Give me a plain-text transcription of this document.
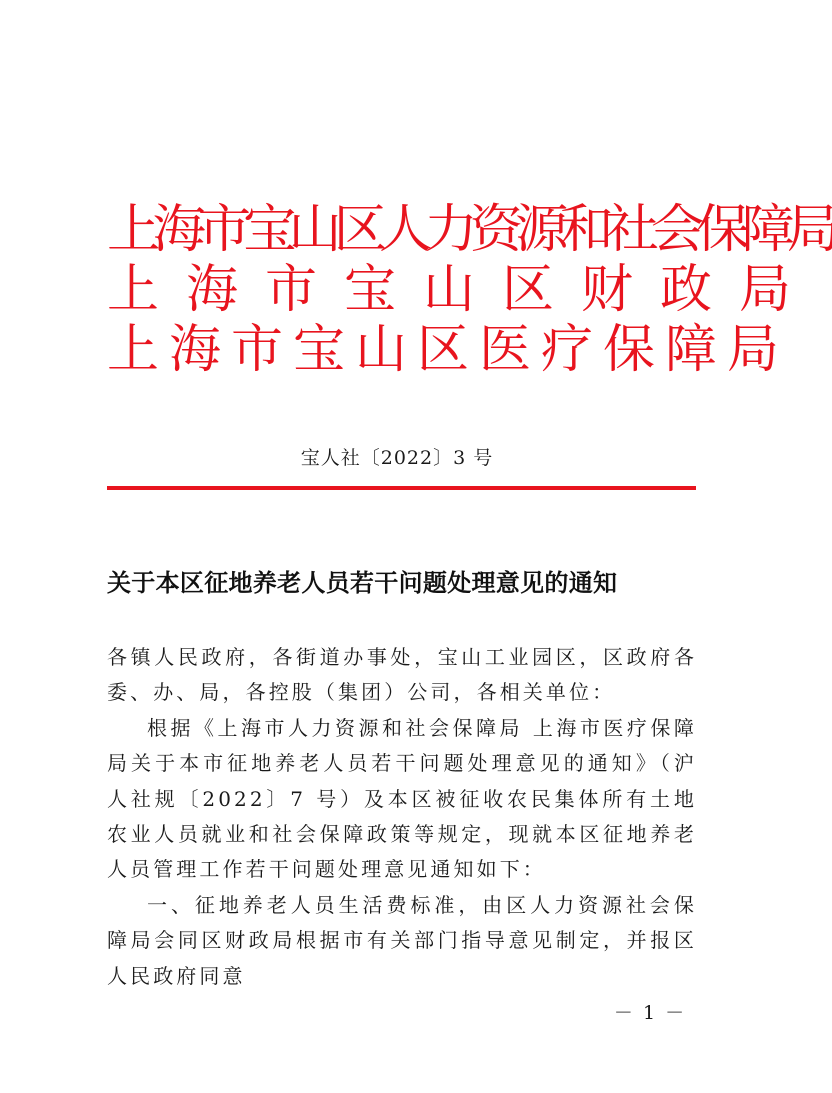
上海市宝山区人力资源和社会保障局
上海市宝山区财政局
上海市宝山区医疗保障局
宝人社〔2022〕3 号
关于本区征地养老人员若干问题处理意见的通知

各镇人民政府，各街道办事处，宝山工业园区，区政府各委、办、局，各控股（集团）公司，各相关单位：

根据《上海市人力资源和社会保障局 上海市医疗保障局关于本市征地养老人员若干问题处理意见的通知》（沪人社规〔2022〕7 号）及本区被征收农民集体所有土地农业人员就业和社会保障政策等规定，现就本区征地养老人员管理工作若干问题处理意见通知如下：

一、征地养老人员生活费标准，由区人力资源社会保障局会同区财政局根据市有关部门指导意见制定，并报区人民政府同意

－ 1 －
